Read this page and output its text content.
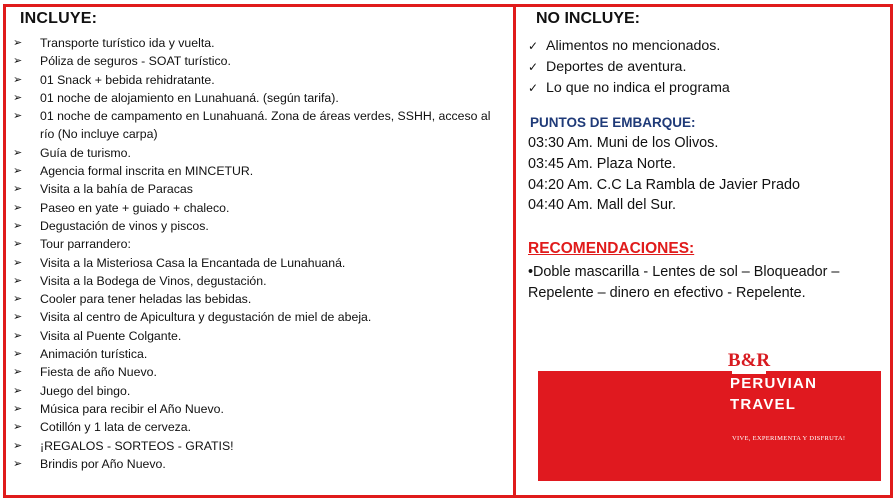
INCLUYE:
➢ Transporte turístico ida y vuelta.
➢ Póliza de seguros - SOAT turístico.
➢ 01 Snack + bebida rehidratante.
➢ 01 noche de alojamiento en Lunahuaná. (según tarifa).
➢ 01 noche de campamento en Lunahuaná. Zona de áreas verdes, SSHH, acceso al río (No incluye carpa)
➢ Guía de turismo.
➢ Agencia formal inscrita en MINCETUR.
➢ Visita a la bahía de Paracas
➢ Paseo en yate + guiado + chaleco.
➢ Degustación de vinos y piscos.
➢ Tour parrandero:
➢ Visita a la Misteriosa Casa la Encantada de Lunahuaná.
➢ Visita a la Bodega de Vinos, degustación.
➢ Cooler para tener heladas las bebidas.
➢ Visita al centro de Apicultura y degustación de miel de abeja.
➢ Visita al Puente Colgante.
➢ Animación turística.
➢ Fiesta de año Nuevo.
➢ Juego del bingo.
➢ Música para recibir el Año Nuevo.
➢ Cotillón y 1 lata de cerveza.
➢ ¡REGALOS - SORTEOS - GRATIS!
➢ Brindis por Año Nuevo.
NO INCLUYE:
✓ Alimentos no mencionados.
✓ Deportes de aventura.
✓ Lo que no indica el programa
PUNTOS DE EMBARQUE:
03:30 Am. Muni de los Olivos.
03:45 Am. Plaza Norte.
04:20 Am. C.C La Rambla de Javier Prado
04:40 Am. Mall del Sur.
RECOMENDACIONES:

•Doble mascarilla - Lentes de sol – Bloqueador – Repelente – dinero en efectivo - Repelente.

B&R
PERUVIAN
TRAVEL
VIVE, EXPERIMENTA Y DISFRUTA!
